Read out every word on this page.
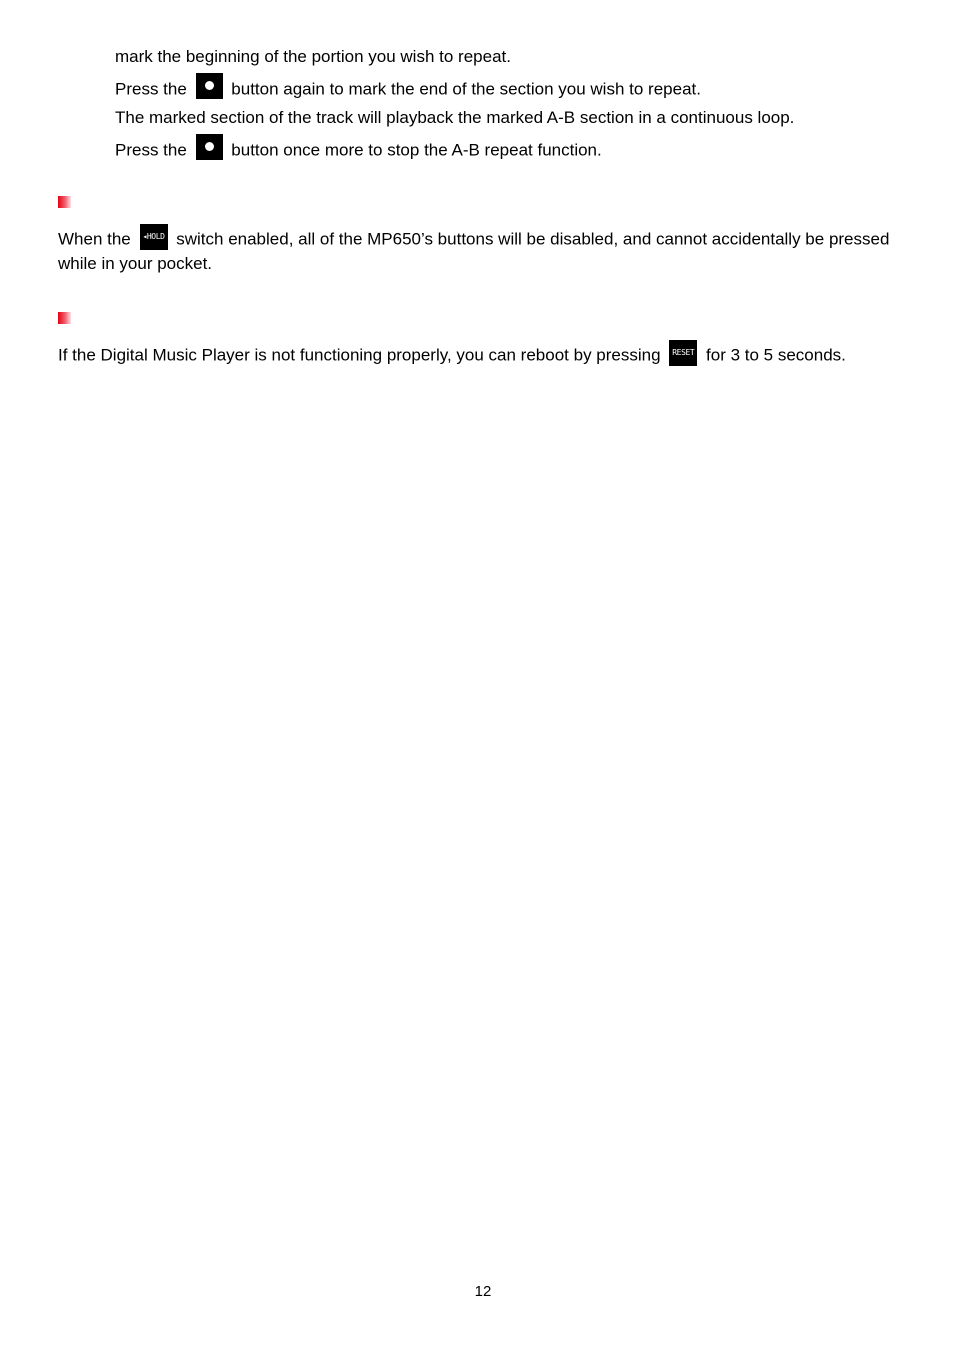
mark the beginning of the portion you wish to repeat.
Press the	button again to mark the end of the section you wish to repeat.
The marked section of the track will playback the marked A-B section in a continuous loop.
Press the	button once more to stop the A-B repeat function.
When the ◂HOLD switch enabled, all of the MP650’s buttons will be disabled, and cannot accidentally be pressed
while in your pocket.
If the Digital Music Player is not functioning properly, you can reboot by pressing RESET for 3 to 5 seconds.
12
